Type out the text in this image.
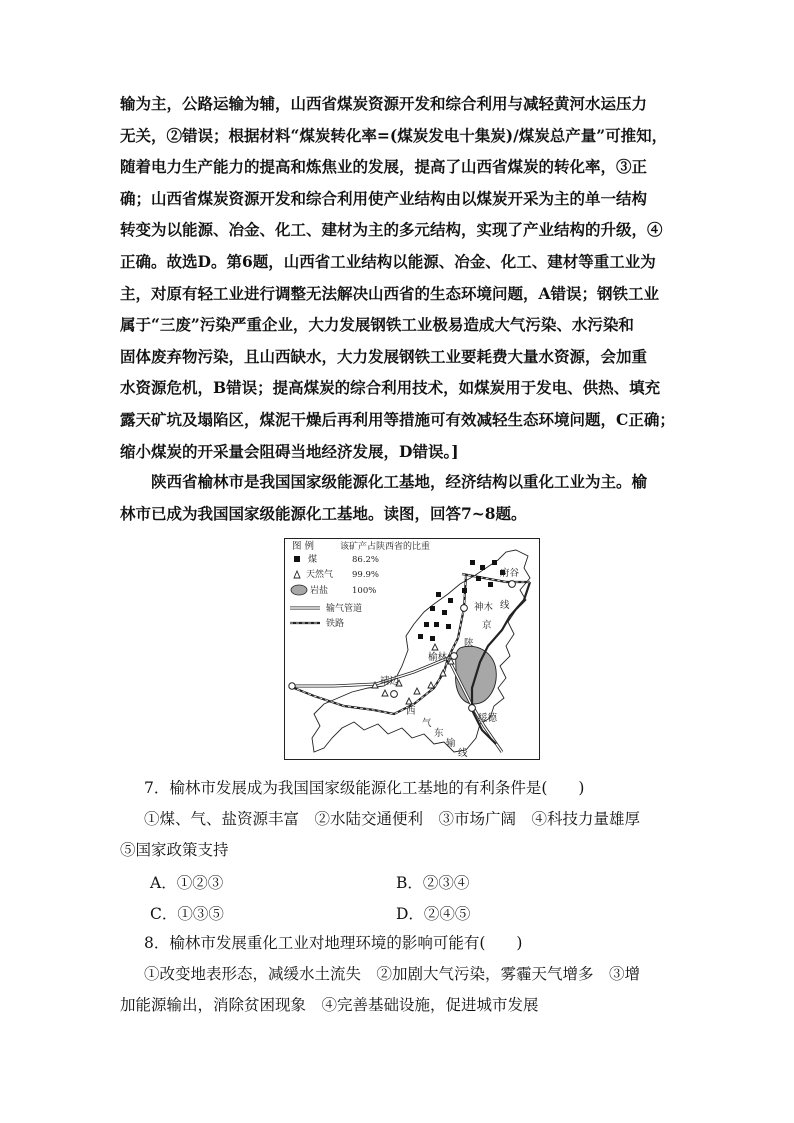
输为主，公路运输为辅，山西省煤炭资源开发和综合利用与减轻黄河水运压力
无关，②错误；根据材料“煤炭转化率=(煤炭发电十集炭)/煤炭总产量”可推知，
随着电力生产能力的提高和炼焦业的发展，提高了山西省煤炭的转化率，③正
确；山西省煤炭资源开发和综合利用使产业结构由以煤炭开采为主的单一结构
转变为以能源、冶金、化工、建材为主的多元结构，实现了产业结构的升级，④
正确。故选D。第6题，山西省工业结构以能源、冶金、化工、建材等重工业为
主，对原有轻工业进行调整无法解决山西省的生态环境问题，A错误；钢铁工业
属于“三废”污染严重企业，大力发展钢铁工业极易造成大气污染、水污染和
固体废弃物污染，且山西缺水，大力发展钢铁工业要耗费大量水资源，会加重
水资源危机，B错误；提高煤炭的综合利用技术，如煤炭用于发电、供热、填充
露天矿坑及塌陷区，煤泥干燥后再利用等措施可有效减轻生态环境问题，C正确；
缩小煤炭的开采量会阻碍当地经济发展，D错误。]
陕西省榆林市是我国国家级能源化工基地，经济结构以重化工业为主。榆
林市已成为我国国家级能源化工基地。读图，回答7~8题。
图 例	该矿产占陕西省的比重
煤	86.2%
天然气 99.9%
岩盐	100%
输气管道
铁路
府谷
神木
榆林
靖边
绥德
线
京
陕
西
气
东
输
线
7．榆林市发展成为我国国家级能源化工基地的有利条件是(　　)
①煤、气、盐资源丰富　②水陆交通便利　③市场广阔　④科技力量雄厚
⑤国家政策支持
A．①②③	B．②③④
C．①③⑤	D．②④⑤
8．榆林市发展重化工业对地理环境的影响可能有(　　)
①改变地表形态，减缓水土流失　②加剧大气污染，雾霾天气增多　③增
加能源输出，消除贫困现象　④完善基础设施，促进城市发展
